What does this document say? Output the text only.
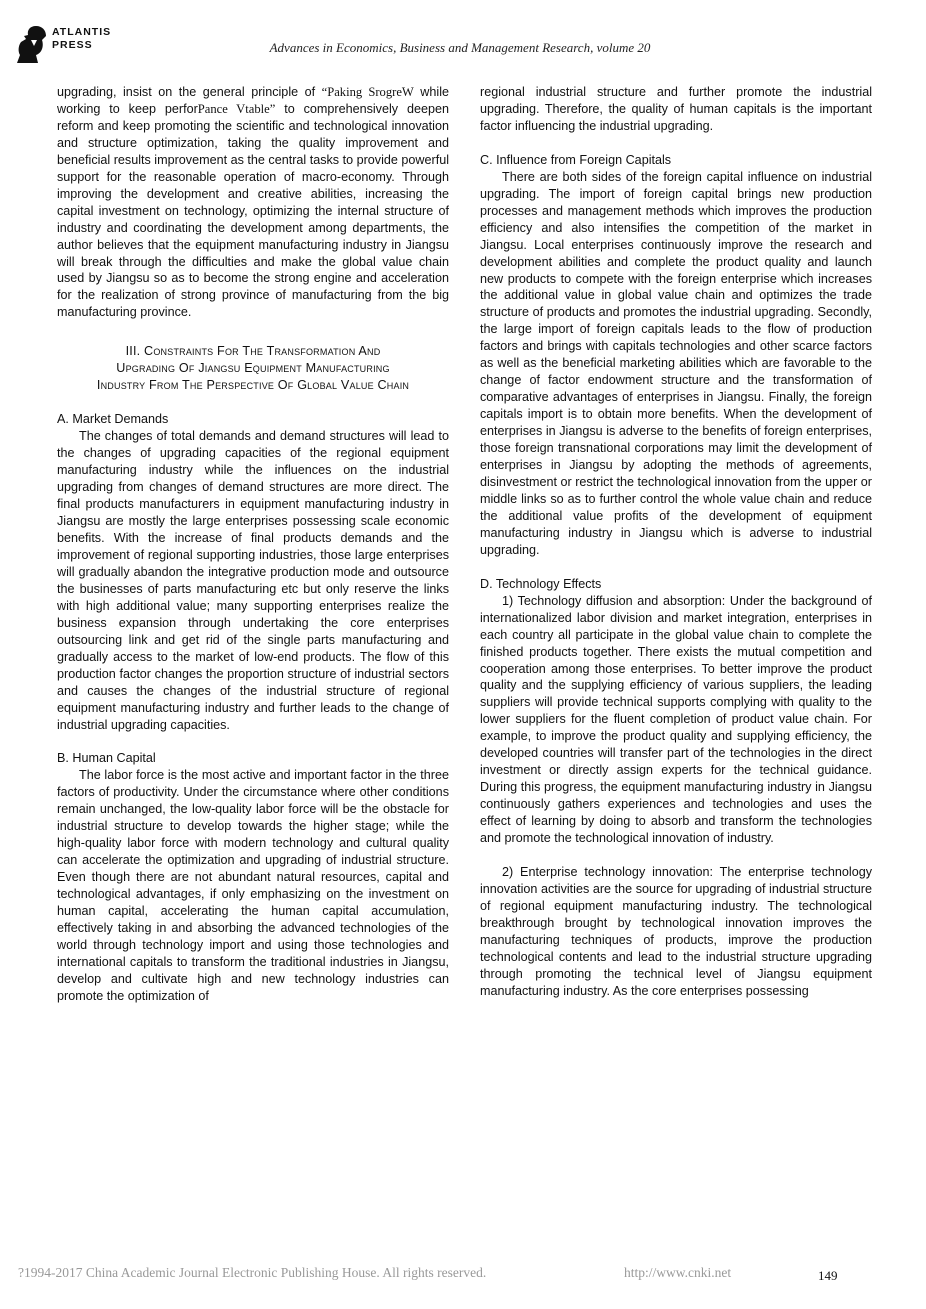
ATLANTIS
PRESS	Advances in Economics, Business and Management Research, volume 20

upgrading, insist on the general principle of “Paking SrogreW while working to keep perforPance Vtable” to comprehensively deepen reform and keep promoting the scientific and technological innovation and structure optimization, taking the quality improvement and beneficial results improvement as the central tasks to provide powerful support for the reasonable operation of macro-economy. Through improving the development and creative abilities, increasing the capital investment on technology, optimizing the internal structure of industry and coordinating the development among departments, the author believes that the equipment manufacturing industry in Jiangsu will break through the difficulties and make the global value chain used by Jiangsu so as to become the strong engine and acceleration for the realization of strong province of manufacturing from the big manufacturing province.

III. Constraints For The Transformation And
Upgrading Of Jiangsu Equipment Manufacturing
Industry From The Perspective Of Global Value Chain
A. Market Demands

The changes of total demands and demand structures will lead to the changes of upgrading capacities of the regional equipment manufacturing industry while the influences on the industrial upgrading from changes of demand structures are more direct. The final products manufacturers in equipment manufacturing industry in Jiangsu are mostly the large enterprises possessing scale economic benefits. With the increase of final products demands and the improvement of regional supporting industries, those large enterprises will gradually abandon the integrative production mode and outsource the businesses of parts manufacturing etc but only reserve the links with high additional value; many supporting enterprises realize the business expansion through undertaking the core enterprises outsourcing link and get rid of the single parts manufacturing and gradually access to the market of low-end products. The flow of this production factor changes the proportion structure of industrial sectors and causes the changes of the industrial structure of regional equipment manufacturing industry and further leads to the change of industrial upgrading capacities.

B. Human Capital

The labor force is the most active and important factor in the three factors of productivity. Under the circumstance where other conditions remain unchanged, the low-quality labor force will be the obstacle for industrial structure to develop towards the higher stage; while the high-quality labor force with modern technology and cultural quality can accelerate the optimization and upgrading of industrial structure. Even though there are not abundant natural resources, capital and technological advantages, if only emphasizing on the investment on human capital, accelerating the human capital accumulation, effectively taking in and absorbing the advanced technologies of the world through technology import and using those technologies and international capitals to transform the traditional industries in Jiangsu, develop and cultivate high and new technology industries can promote the optimization of

regional industrial structure and further promote the industrial upgrading. Therefore, the quality of human capitals is the important factor influencing the industrial upgrading.

C. Influence from Foreign Capitals

There are both sides of the foreign capital influence on industrial upgrading. The import of foreign capital brings new production processes and management methods which improves the production efficiency and also intensifies the competition of the market in Jiangsu. Local enterprises continuously improve the research and development abilities and complete the product quality and launch new products to compete with the foreign enterprise which increases the additional value in global value chain and optimizes the trade structure of products and promotes the industrial upgrading. Secondly, the large import of foreign capitals leads to the flow of production factors and brings with capitals technologies and other scarce factors as well as the beneficial marketing abilities which are favorable to the change of factor endowment structure and the transformation of comparative advantages of enterprises in Jiangsu. Finally, the foreign capitals import is to obtain more benefits. When the development of enterprises in Jiangsu is adverse to the benefits of foreign enterprises, those foreign transnational corporations may limit the development of enterprises in Jiangsu by adopting the methods of agreements, disinvestment or restrict the technological innovation from the upper or middle links so as to further control the whole value chain and reduce the additional value profits of the development of equipment manufacturing industry in Jiangsu which is adverse to industrial upgrading.

D. Technology Effects

1) Technology diffusion and absorption: Under the background of internationalized labor division and market integration, enterprises in each country all participate in the global value chain to complete the finished products together. There exists the mutual competition and cooperation among those enterprises. To better improve the product quality and the supplying efficiency of various suppliers, the leading suppliers will provide technical supports complying with quality to the lower suppliers for the fluent completion of product value chain. For example, to improve the product quality and supplying efficiency, the developed countries will transfer part of the technologies in the direct investment or directly assign experts for the technical guidance. During this progress, the equipment manufacturing industry in Jiangsu continuously gathers experiences and technologies and uses the effect of learning by doing to absorb and transform the technologies and promote the technological innovation of industry.

2) Enterprise technology innovation: The enterprise technology innovation activities are the source for upgrading of industrial structure of regional equipment manufacturing industry. The technological breakthrough brought by technological innovation improves the manufacturing techniques of products, improve the production technological contents and lead to the industrial structure upgrading through promoting the technical level of Jiangsu equipment manufacturing industry. As the core enterprises possessing

?1994-2017 China Academic Journal Electronic Publishing House. All rights reserved.	http://www.cnki.net	149
